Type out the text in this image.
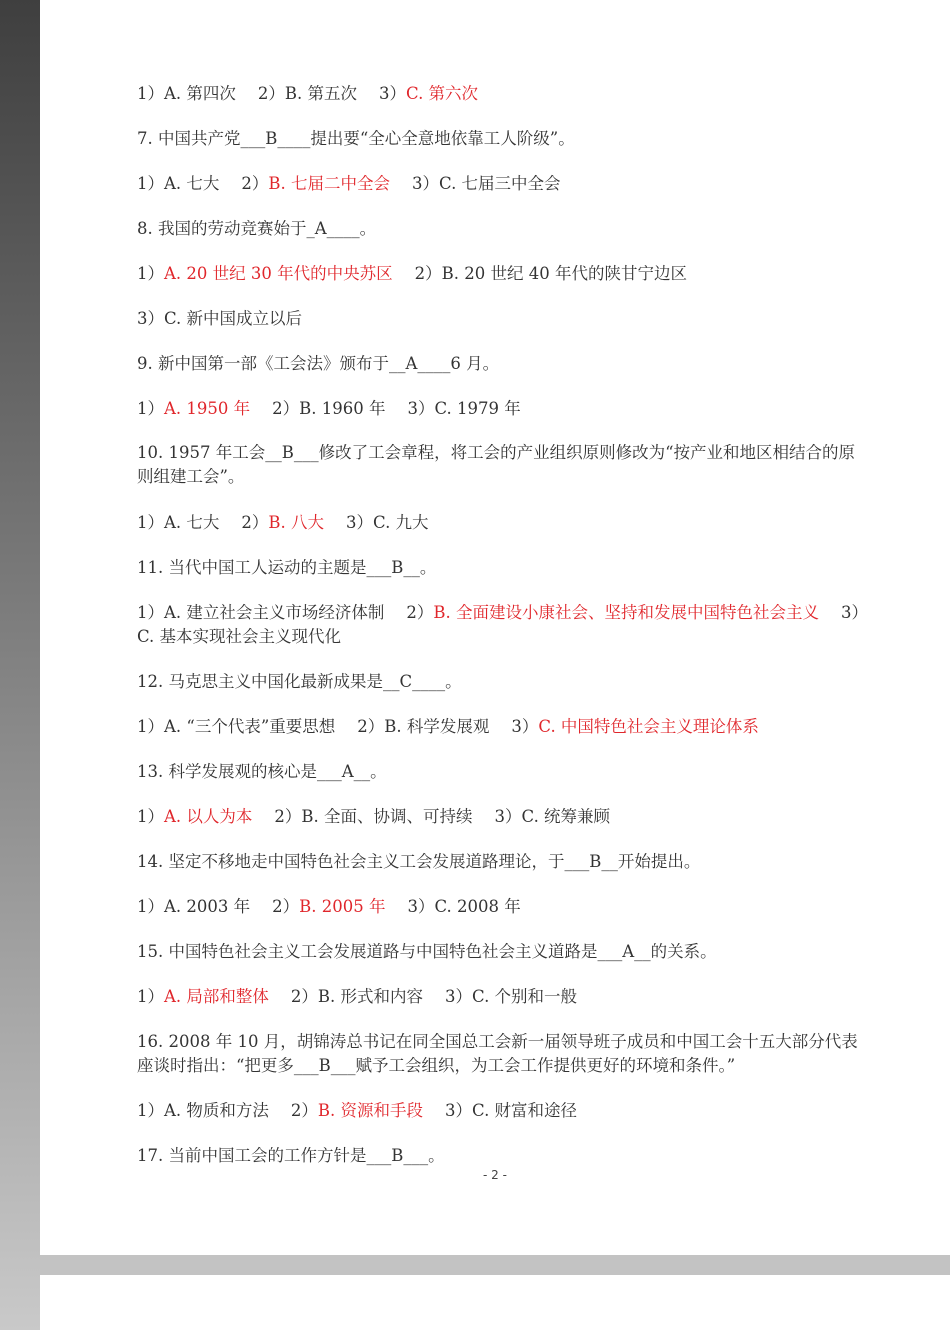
1）A. 第四次 2）B. 第五次 3）C. 第六次
7. 中国共产党___B____提出要“全心全意地依靠工人阶级”。
1）A. 七大 2）B. 七届二中全会 3）C. 七届三中全会
8. 我国的劳动竞赛始于_A____。
1）A. 20 世纪 30 年代的中央苏区 2）B. 20 世纪 40 年代的陕甘宁边区
3）C. 新中国成立以后
9. 新中国第一部《工会法》颁布于__A____6 月。
1）A. 1950 年 2）B. 1960 年 3）C. 1979 年
10. 1957 年工会__B___修改了工会章程，将工会的产业组织原则修改为“按产业和地区相结合的原则组建工会”。
1）A. 七大 2）B. 八大 3）C. 九大
11. 当代中国工人运动的主题是___B__。
1）A. 建立社会主义市场经济体制 2）B. 全面建设小康社会、坚持和发展中国特色社会主义 3）C. 基本实现社会主义现代化
12. 马克思主义中国化最新成果是__C____。
1）A. “三个代表”重要思想 2）B. 科学发展观 3）C. 中国特色社会主义理论体系
13. 科学发展观的核心是___A__。
1）A. 以人为本 2）B. 全面、协调、可持续 3）C. 统筹兼顾
14. 坚定不移地走中国特色社会主义工会发展道路理论，于___B__开始提出。
1）A. 2003 年 2）B. 2005 年 3）C. 2008 年
15. 中国特色社会主义工会发展道路与中国特色社会主义道路是___A__的关系。
1）A. 局部和整体 2）B. 形式和内容 3）C. 个别和一般
16. 2008 年 10 月，胡锦涛总书记在同全国总工会新一届领导班子成员和中国工会十五大部分代表座谈时指出：“把更多___B___赋予工会组织，为工会工作提供更好的环境和条件。”
1）A. 物质和方法 2）B. 资源和手段 3）C. 财富和途径
17. 当前中国工会的工作方针是___B___。
- 2 -
